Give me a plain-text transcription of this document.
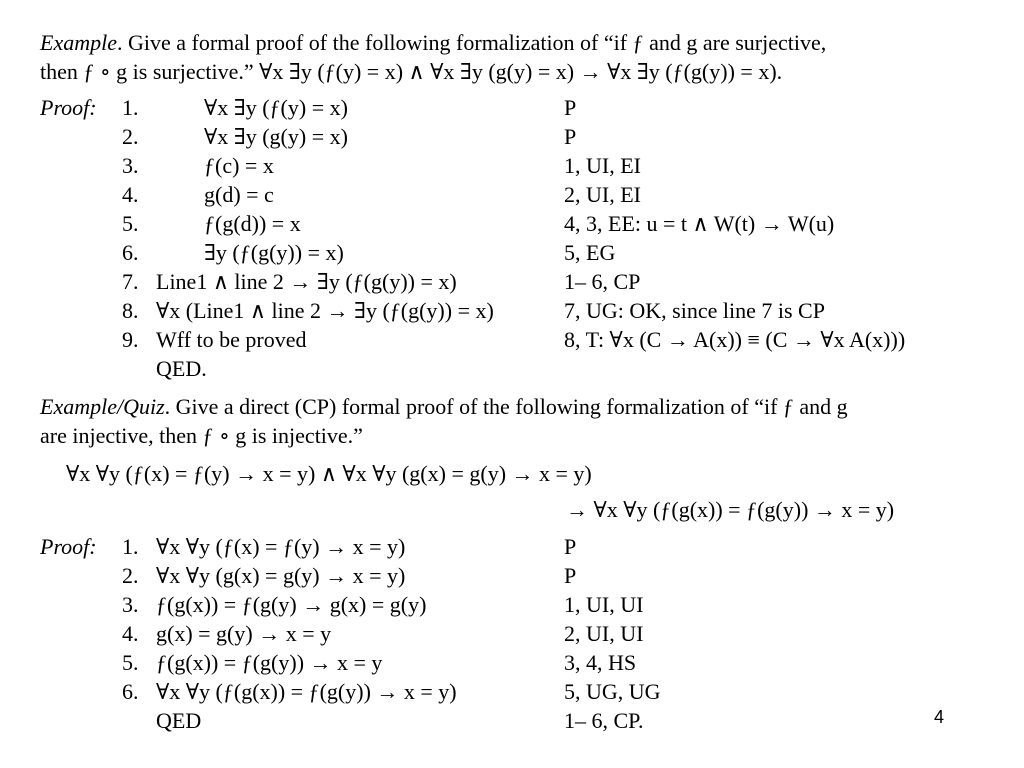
Example. Give a formal proof of the following formalization of “if ƒ and g are surjective,
then ƒ ∘ g is surjective.” ∀x ∃y (ƒ(y) = x) ∧ ∀x ∃y (g(y) = x) → ∀x ∃y (ƒ(g(y)) = x).
Proof: 1.	∀x ∃y (ƒ(y) = x)	P
2.	∀x ∃y (g(y) = x)	P
3.	ƒ(c) = x	1, UI, EI
4.	g(d) = c	2, UI, EI
5.	ƒ(g(d)) = x	4, 3, EE: u = t ∧ W(t) → W(u)
6.	∃y (ƒ(g(y)) = x)	5, EG
7. Line1 ∧ line 2 → ∃y (ƒ(g(y)) = x)	1– 6, CP
8. ∀x (Line1 ∧ line 2 → ∃y (ƒ(g(y)) = x)	7, UG: OK, since line 7 is CP
9. Wff to be proved	8, T: ∀x (C → A(x)) ≡ (C → ∀x A(x)))
QED.
Example/Quiz. Give a direct (CP) formal proof of the following formalization of “if ƒ and g
are injective, then ƒ ∘ g is injective.”
∀x ∀y (ƒ(x) = ƒ(y) → x = y) ∧ ∀x ∀y (g(x) = g(y) → x = y)
→ ∀x ∀y (ƒ(g(x)) = ƒ(g(y)) → x = y)
Proof: 1. ∀x ∀y (ƒ(x) = ƒ(y) → x = y)	P
2. ∀x ∀y (g(x) = g(y) → x = y)	P
3. ƒ(g(x)) = ƒ(g(y) → g(x) = g(y)	1, UI, UI
4. g(x) = g(y) → x = y	2, UI, UI
5. ƒ(g(x)) = ƒ(g(y)) → x = y	3, 4, HS
6. ∀x ∀y (ƒ(g(x)) = ƒ(g(y)) → x = y)	5, UG, UG
QED	1– 6, CP.	4
